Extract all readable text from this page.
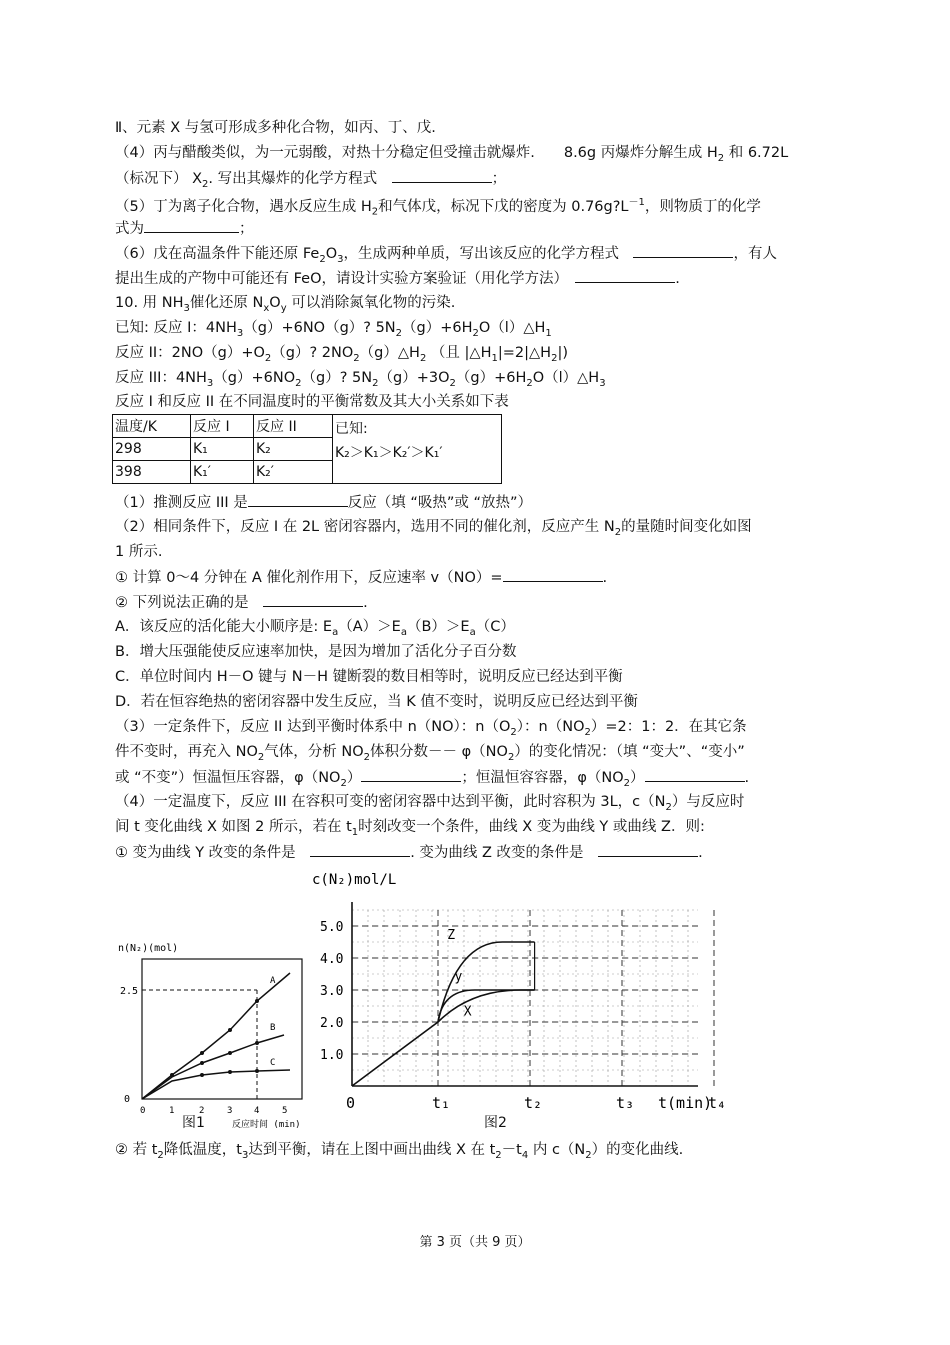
Ⅱ、元素 X 与氢可形成多种化合物，如丙、丁、戊.
（4）丙与醋酸类似，为一元弱酸，对热十分稳定但受撞击就爆炸.　　 8.6g 丙爆炸分解生成 $H_2$ 和 6.72L
（标况下） $X_2$. 写出其爆炸的化学方程式　	；
（5）丁为离子化合物，遇水反应生成 $H_2$和气体戊，标况下戊的密度为 $0.76g?L^{-1}$，则物质丁的化学
式为	；
（6）戊在高温条件下能还原 $Fe_2O_3$，生成两种单质，写出该反应的化学方程式　	，有人
提出生成的产物中可能还有 FeO，请设计实验方案验证（用化学方法）　	.
10. 用 $NH_3$催化还原 $N_xO_y$ 可以消除氮氧化物的污染.
已知: 反应 I：$4NH_3(g)+6NO(g)$? $5N_2(g)+6H_2O(l)\triangle H_1$
反应 II：$2NO(g)+O_2(g)$? $2NO_2(g)\triangle H_2$ （且 $|\triangle H_1|=2|\triangle H_2|$)
反应 III：$4NH_3(g)+6NO_2(g)$? $5N_2(g)+3O_2(g)+6H_2O(l)\triangle H_3$
反应 I 和反应 II 在不同温度时的平衡常数及其大小关系如下表
温度/K	反应 I	反应 II	已知:
K₂＞K₁＞K₂′＞K₁′

298	K₁	K₂	
398	K₁′	K₂′	
（1）推测反应 III 是	反应（填 “吸热”或 “放热”）
（2）相同条件下，反应 I 在 2L 密闭容器内，选用不同的催化剂，反应产生 $N_2$的量随时间变化如图
1 所示.
① 计算 0～4 分钟在 A 催化剂作用下，反应速率 v（NO）=	.
② 下列说法正确的是　	.
A．该反应的活化能大小顺序是: $E_a(A)>E_a(B)>E_a(C)$
B．增大压强能使反应速率加快，是因为增加了活化分子百分数
C．单位时间内 H－O 键与 N－H 键断裂的数目相等时，说明反应已经达到平衡
D．若在恒容绝热的密闭容器中发生反应，当 K 值不变时，说明反应已经达到平衡
（3）一定条件下，反应 II 达到平衡时体系中 n（NO）：$n(O_2)$：$n(NO_2)=2$：1：2．在其它条
件不变时，再充入 $NO_2$气体，分析 $NO_2$体积分数－－ $\varphi(NO_2)$的变化情况：（填 “变大”、“变小”
或 “不变”）恒温恒压容器，$\varphi(NO_2)$	；恒温恒容容器，$\varphi(NO_2)$	.
（4）一定温度下，反应 III 在容积可变的密闭容器中达到平衡，此时容积为 3L，$c(N_2)$与反应时
间 t 变化曲线 X 如图 2 所示，若在 $t_1$时刻改变一个条件，曲线 X 变为曲线 Y 或曲线 Z．则:
① 变为曲线 Y 改变的条件是　	. 变为曲线 Z 改变的条件是　	.
n(N₂)(mol)
A
B
C
2.5
0
0	1	2	3 4	5
反应时间 (min)
图1
c(N₂)mol/L
1.0
2.0
3.0
4.0
5.0
0	t₁	t₂	t₃	t₄
t(min)
Z
y
X
图2
② 若 $t_2$降低温度，$t_3$达到平衡，请在上图中画出曲线 X 在 $t_2-t_4$ 内 $c(N_2)$的变化曲线.
第 3 页（共 9 页）
